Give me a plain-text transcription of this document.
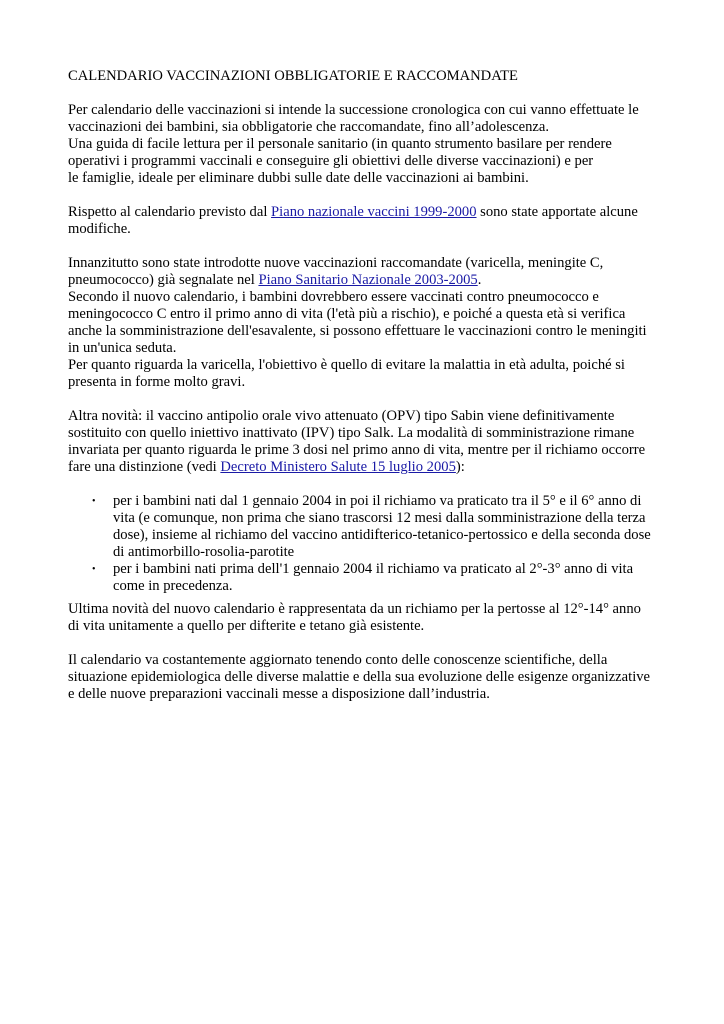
CALENDARIO VACCINAZIONI OBBLIGATORIE E RACCOMANDATE

Per calendario delle vaccinazioni si intende la successione cronologica con cui vanno effettuate le
vaccinazioni dei bambini, sia obbligatorie che raccomandate, fino all’adolescenza.
Una guida di facile lettura per il personale sanitario (in quanto strumento basilare per rendere
operativi i programmi vaccinali e conseguire gli obiettivi delle diverse vaccinazioni) e per
le famiglie, ideale per eliminare dubbi sulle date delle vaccinazioni ai bambini.

Rispetto al calendario previsto dal Piano nazionale vaccini 1999-2000 sono state apportate alcune
modifiche.

Innanzitutto sono state introdotte nuove vaccinazioni raccomandate (varicella, meningite C,
pneumococco) già segnalate nel Piano Sanitario Nazionale 2003-2005.
Secondo il nuovo calendario, i bambini dovrebbero essere vaccinati contro pneumococco e
meningococco C entro il primo anno di vita (l'età più a rischio), e poiché a questa età si verifica
anche la somministrazione dell'esavalente, si possono effettuare le vaccinazioni contro le meningiti
in un'unica seduta.
Per quanto riguarda la varicella, l'obiettivo è quello di evitare la malattia in età adulta, poiché si
presenta in forme molto gravi.

Altra novità: il vaccino antipolio orale vivo attenuato (OPV) tipo Sabin viene definitivamente
sostituito con quello iniettivo inattivato (IPV) tipo Salk. La modalità di somministrazione rimane
invariata per quanto riguarda le prime 3 dosi nel primo anno di vita, mentre per il richiamo occorre
fare una distinzione (vedi Decreto Ministero Salute 15 luglio 2005):

• per i bambini nati dal 1 gennaio 2004 in poi il richiamo va praticato tra il 5° e il 6° anno di
vita (e comunque, non prima che siano trascorsi 12 mesi dalla somministrazione della terza
dose), insieme al richiamo del vaccino antidifterico-tetanico-pertossico e della seconda dose
di antimorbillo-rosolia-parotite
• per i bambini nati prima dell'1 gennaio 2004 il richiamo va praticato al 2°-3° anno di vita
come in precedenza.

Ultima novità del nuovo calendario è rappresentata da un richiamo per la pertosse al 12°-14° anno
di vita unitamente a quello per difterite e tetano già esistente.

Il calendario va costantemente aggiornato tenendo conto delle conoscenze scientifiche, della
situazione epidemiologica delle diverse malattie e della sua evoluzione delle esigenze organizzative
e delle nuove preparazioni vaccinali messe a disposizione dall’industria.
